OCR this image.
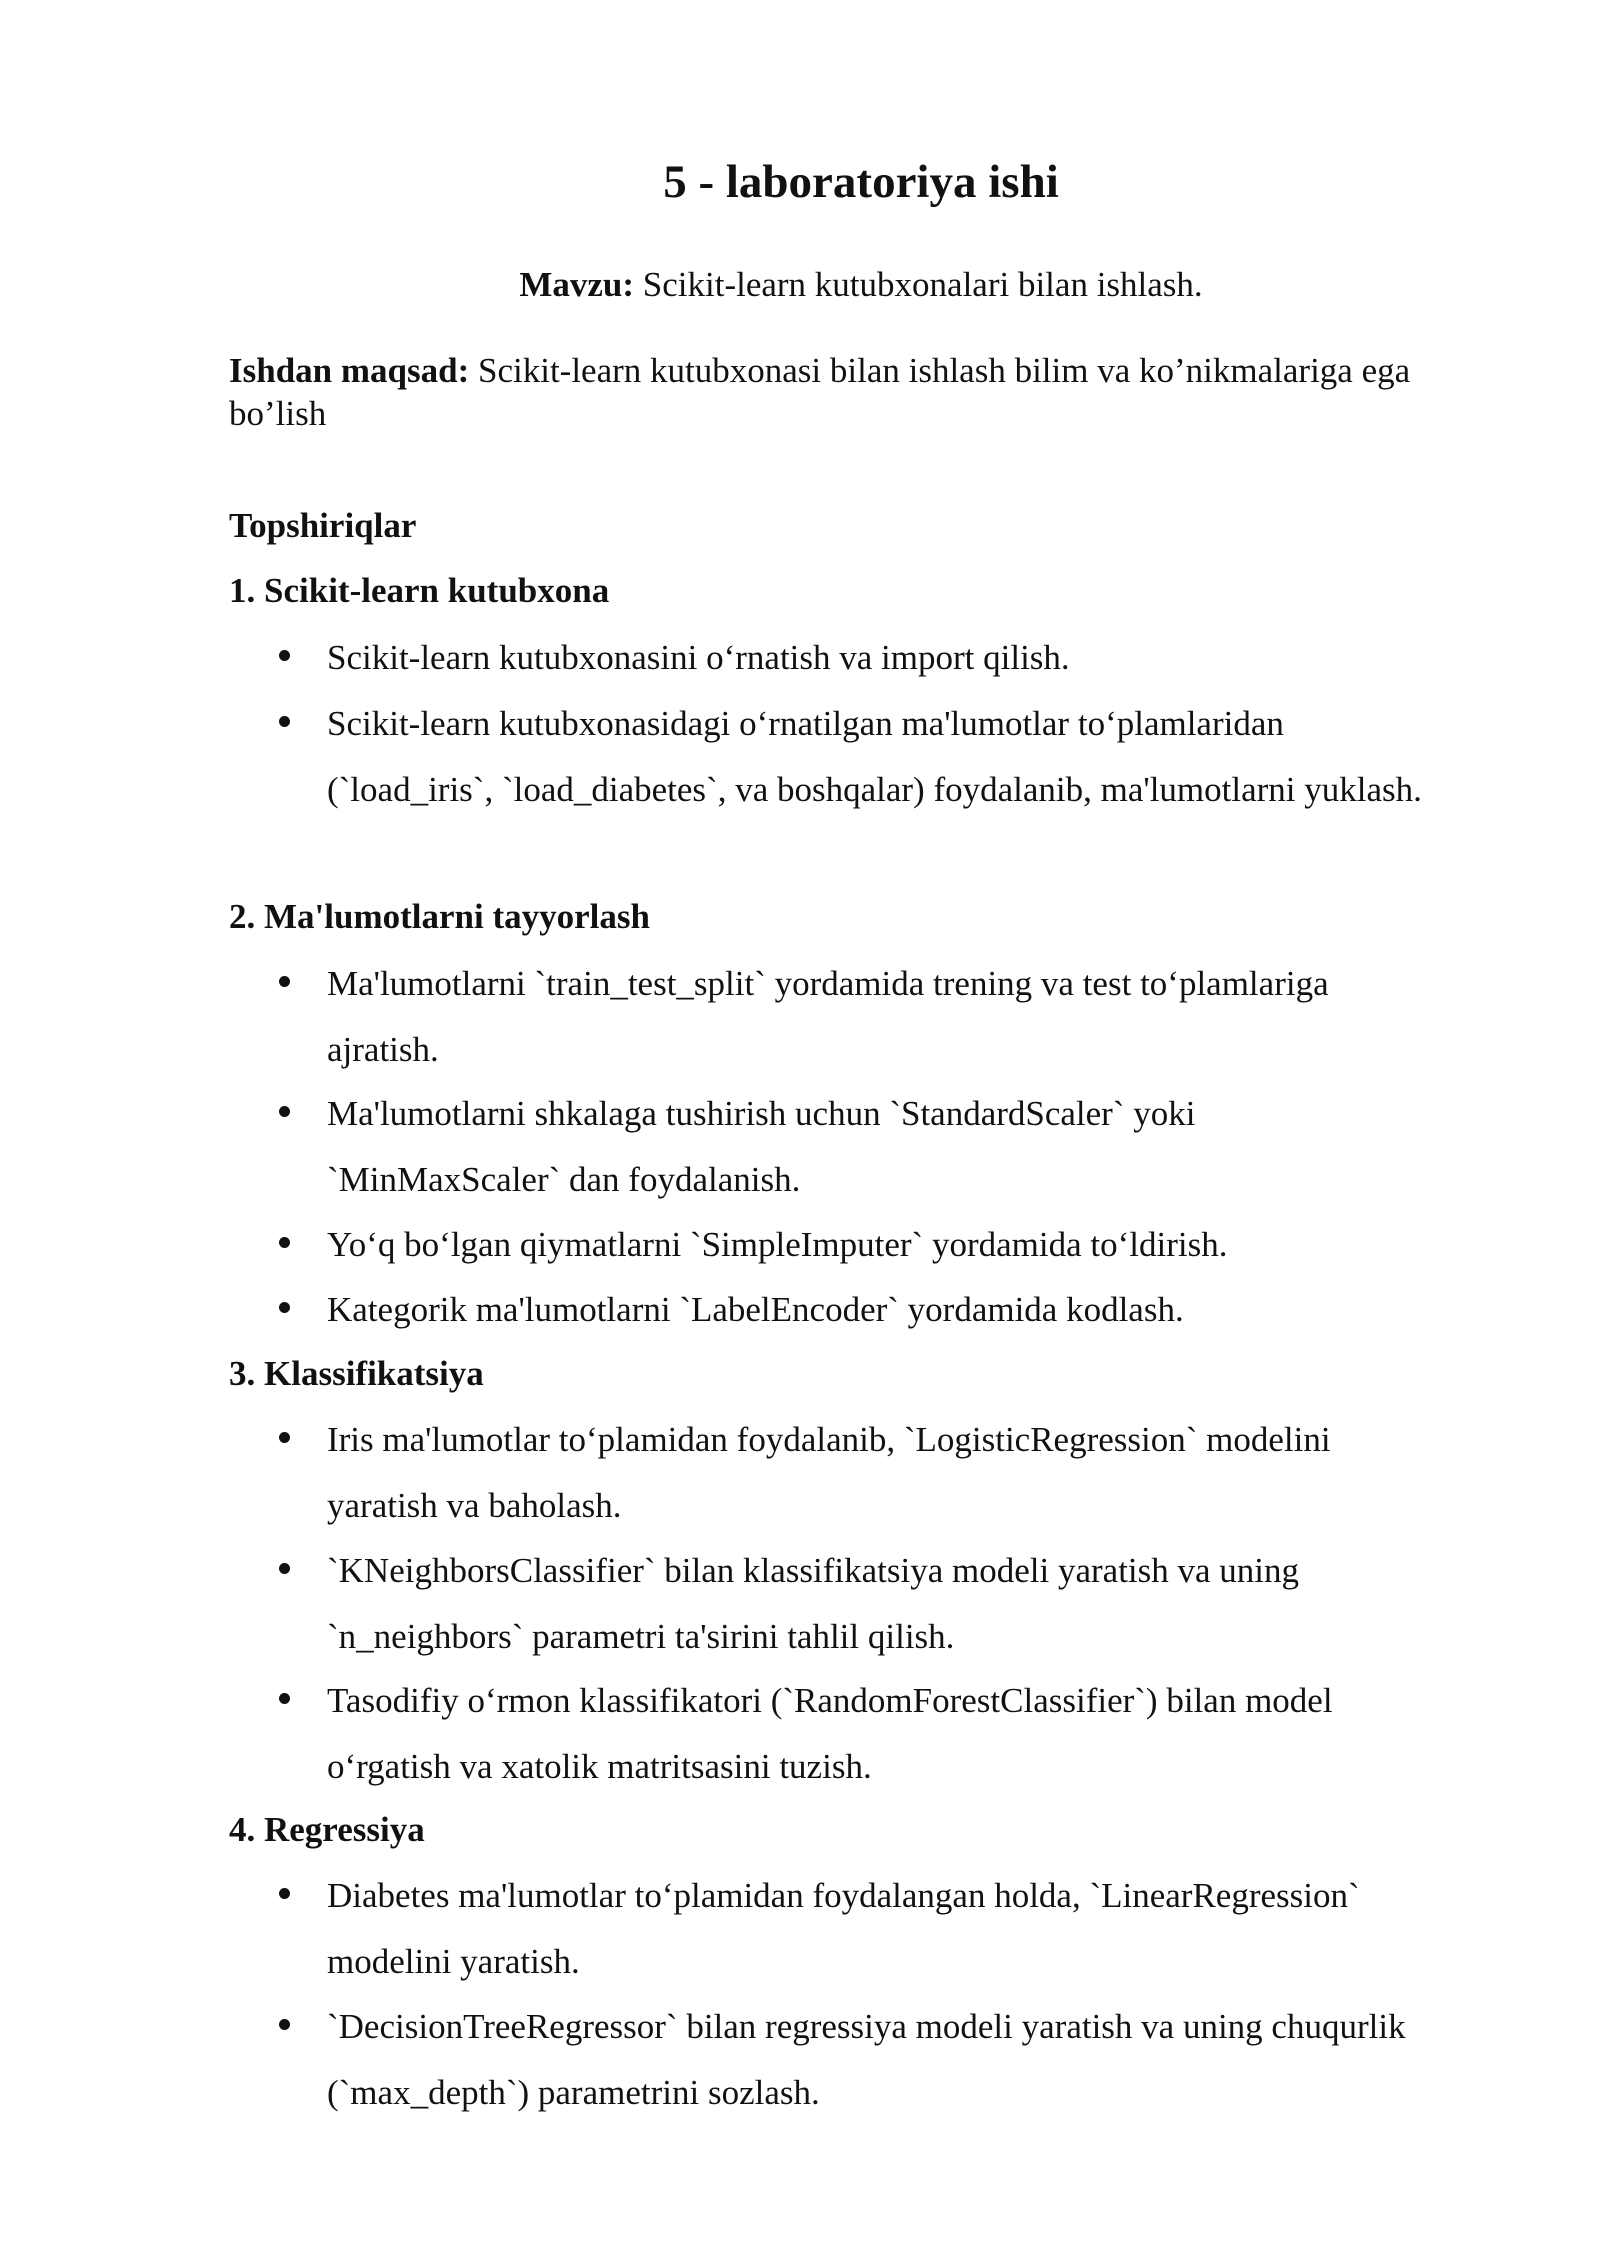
5 - laboratoriya ishi

Mavzu: Scikit-learn kutubxonalari bilan ishlash.

Ishdan maqsad: Scikit-learn kutubxonasi bilan ishlash bilim va ko’nikmalariga ega bo’lish

Topshiriqlar

1. Scikit-learn kutubxona

Scikit-learn kutubxonasini o‘rnatish va import qilish.
Scikit-learn kutubxonasidagi o‘rnatilgan ma'lumotlar to‘plamlaridan (`load_iris`, `load_diabetes`, va boshqalar) foydalanib, ma'lumotlarni yuklash.

2. Ma'lumotlarni tayyorlash

Ma'lumotlarni `train_test_split` yordamida trening va test to‘plamlariga ajratish.
Ma'lumotlarni shkalaga tushirish uchun `StandardScaler` yoki `MinMaxScaler` dan foydalanish.
Yo‘q bo‘lgan qiymatlarni `SimpleImputer` yordamida to‘ldirish.
Kategorik ma'lumotlarni `LabelEncoder` yordamida kodlash.

3. Klassifikatsiya

Iris ma'lumotlar to‘plamidan foydalanib, `LogisticRegression` modelini yaratish va baholash.
`KNeighborsClassifier` bilan klassifikatsiya modeli yaratish va uning `n_neighbors` parametri ta'sirini tahlil qilish.
Tasodifiy o‘rmon klassifikatori (`RandomForestClassifier`) bilan model o‘rgatish va xatolik matritsasini tuzish.

4. Regressiya

Diabetes ma'lumotlar to‘plamidan foydalangan holda, `LinearRegression` modelini yaratish.
`DecisionTreeRegressor` bilan regressiya modeli yaratish va uning chuqurlik (`max_depth`) parametrini sozlash.
